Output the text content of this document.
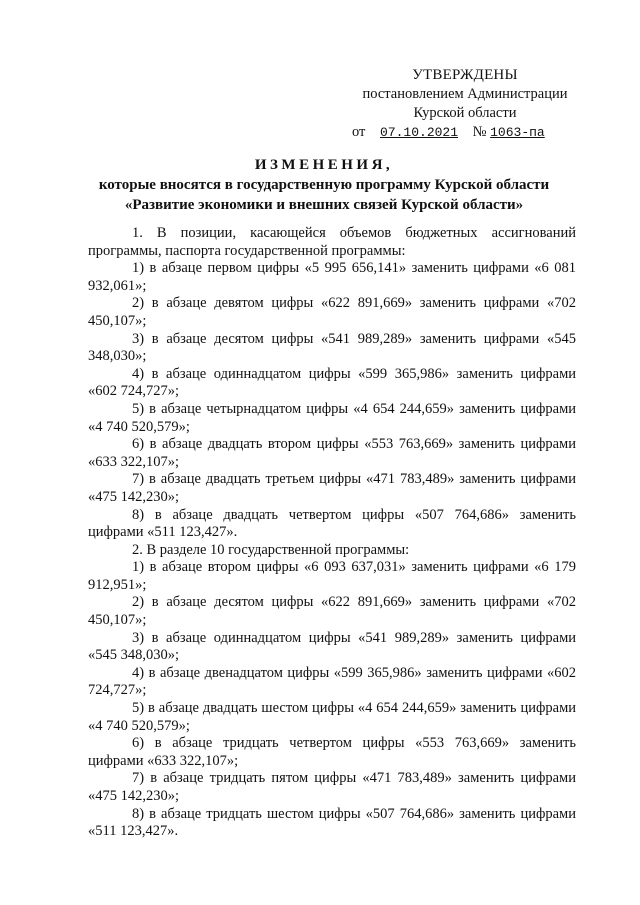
УТВЕРЖДЕНЫ
постановлением Администрации
Курской области
от 07.10.2021 № 1063-па
ИЗМЕНЕНИЯ,
которые вносятся в государственную программу Курской области
«Развитие экономики и внешних связей Курской области»

1. В позиции, касающейся объемов бюджетных ассигнований программы, паспорта государственной программы:

1) в абзаце первом цифры «5 995 656,141» заменить цифрами «6 081 932,061»;

2) в абзаце девятом цифры «622 891,669» заменить цифрами «702 450,107»;

3) в абзаце десятом цифры «541 989,289» заменить цифрами «545 348,030»;

4) в абзаце одиннадцатом цифры «599 365,986» заменить цифрами «602 724,727»;

5) в абзаце четырнадцатом цифры «4 654 244,659» заменить цифрами «4 740 520,579»;

6) в абзаце двадцать втором цифры «553 763,669» заменить цифрами «633 322,107»;

7) в абзаце двадцать третьем цифры «471 783,489» заменить цифрами «475 142,230»;

8) в абзаце двадцать четвертом цифры «507 764,686» заменить цифрами «511 123,427».

2. В разделе 10 государственной программы:

1) в абзаце втором цифры «6 093 637,031» заменить цифрами «6 179 912,951»;

2) в абзаце десятом цифры «622 891,669» заменить цифрами «702 450,107»;

3) в абзаце одиннадцатом цифры «541 989,289» заменить цифрами «545 348,030»;

4) в абзаце двенадцатом цифры «599 365,986» заменить цифрами «602 724,727»;

5) в абзаце двадцать шестом цифры «4 654 244,659» заменить цифрами «4 740 520,579»;

6) в абзаце тридцать четвертом цифры «553 763,669» заменить цифрами «633 322,107»;

7) в абзаце тридцать пятом цифры «471 783,489» заменить цифрами «475 142,230»;

8) в абзаце тридцать шестом цифры «507 764,686» заменить цифрами «511 123,427».
